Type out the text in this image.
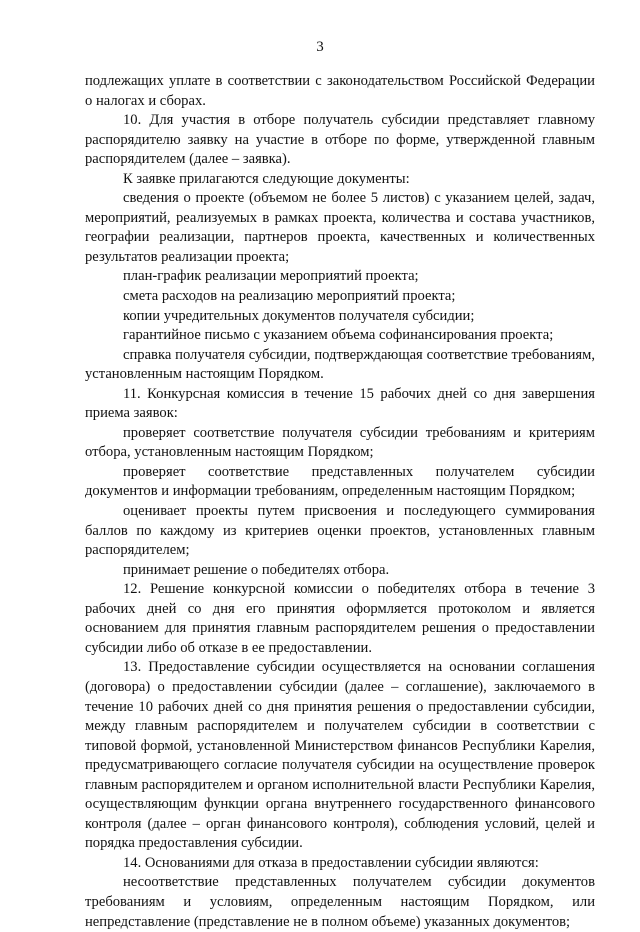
3

подлежащих уплате в соответствии с законодательством Российской Федерации о налогах и сборах.

10. Для участия в отборе получатель субсидии представляет главному распорядителю заявку на участие в отборе по форме, утвержденной главным распорядителем (далее – заявка).

К заявке прилагаются следующие документы:

сведения о проекте (объемом не более 5 листов) с указанием целей, задач, мероприятий, реализуемых в рамках проекта, количества и состава участников, географии реализации, партнеров проекта, качественных и количественных результатов реализации проекта;

план-график реализации мероприятий проекта;

смета расходов на реализацию мероприятий проекта;

копии учредительных документов получателя субсидии;

гарантийное письмо с указанием объема софинансирования проекта;

справка получателя субсидии, подтверждающая соответствие требованиям, установленным настоящим Порядком.

11. Конкурсная комиссия в течение 15 рабочих дней со дня завершения приема заявок:

проверяет соответствие получателя субсидии требованиям и критериям отбора, установленным настоящим Порядком;

проверяет соответствие представленных получателем субсидии документов и информации требованиям, определенным настоящим Порядком;

оценивает проекты путем присвоения и последующего суммирования баллов по каждому из критериев оценки проектов, установленных главным распорядителем;

принимает решение о победителях отбора.

12. Решение конкурсной комиссии о победителях отбора в течение 3 рабочих дней со дня его принятия оформляется протоколом и является основанием для принятия главным распорядителем решения о предоставлении субсидии либо об отказе в ее предоставлении.

13. Предоставление субсидии осуществляется на основании соглашения (договора) о предоставлении субсидии (далее – соглашение), заключаемого в течение 10 рабочих дней со дня принятия решения о предоставлении субсидии, между главным распорядителем и получателем субсидии в соответствии с типовой формой, установленной Министерством финансов Республики Карелия, предусматривающего согласие получателя субсидии на осуществление проверок главным распорядителем и органом исполнительной власти Республики Карелия, осуществляющим функции органа внутреннего государственного финансового контроля (далее – орган финансового контроля), соблюдения условий, целей и порядка предоставления субсидии.

14. Основаниями для отказа в предоставлении субсидии являются:

несоответствие представленных получателем субсидии документов требованиям и условиям, определенным настоящим Порядком, или непредставление (представление не в полном объеме) указанных документов;
